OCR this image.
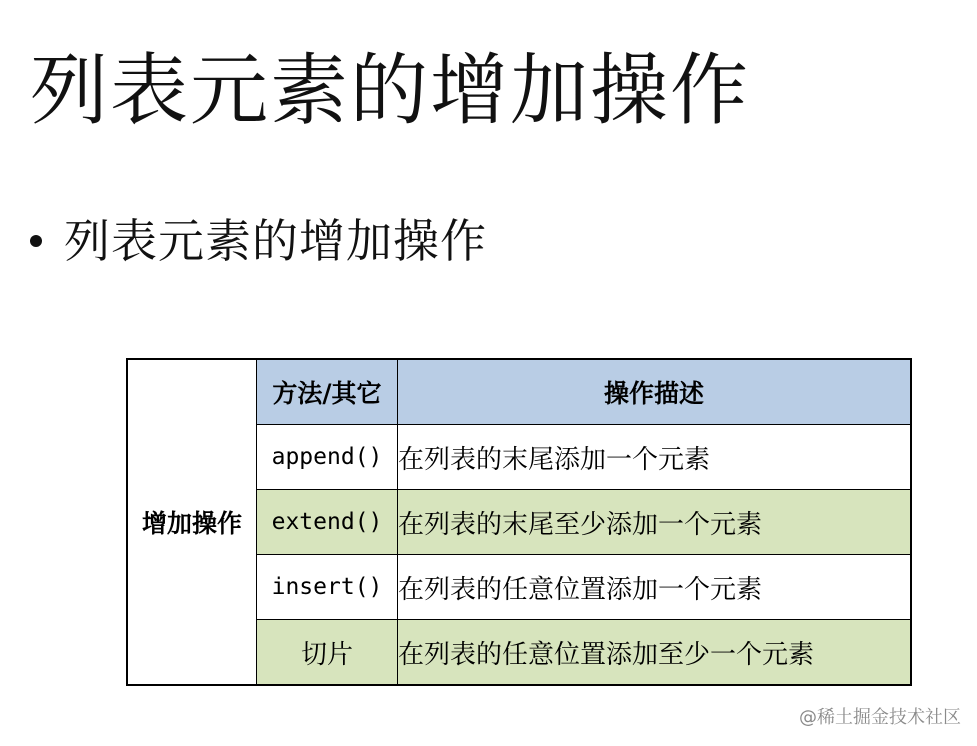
列表元素的增加操作
列表元素的增加操作
增加操作	方法/其它	操作描述
	append()	在列表的末尾添加一个元素
	extend()	在列表的末尾至少添加一个元素
	insert()	在列表的任意位置添加一个元素
	切片	在列表的任意位置添加至少一个元素
@稀土掘金技术社区
